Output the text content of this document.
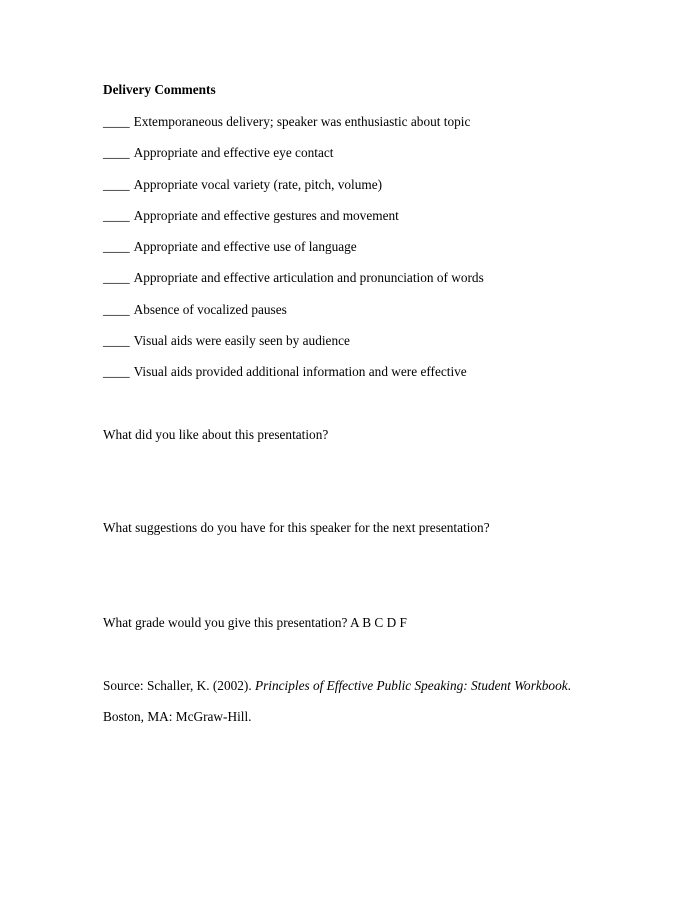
Delivery Comments
____ Extemporaneous delivery; speaker was enthusiastic about topic
____ Appropriate and effective eye contact
____ Appropriate vocal variety (rate, pitch, volume)
____ Appropriate and effective gestures and movement
____ Appropriate and effective use of language
____ Appropriate and effective articulation and pronunciation of words
____ Absence of vocalized pauses
____ Visual aids were easily seen by audience
____ Visual aids provided additional information and were effective
What did you like about this presentation?
What suggestions do you have for this speaker for the next presentation?
What grade would you give this presentation? A B C D F
Source: Schaller, K. (2002). Principles of Effective Public Speaking: Student Workbook.
Boston, MA: McGraw-Hill.
